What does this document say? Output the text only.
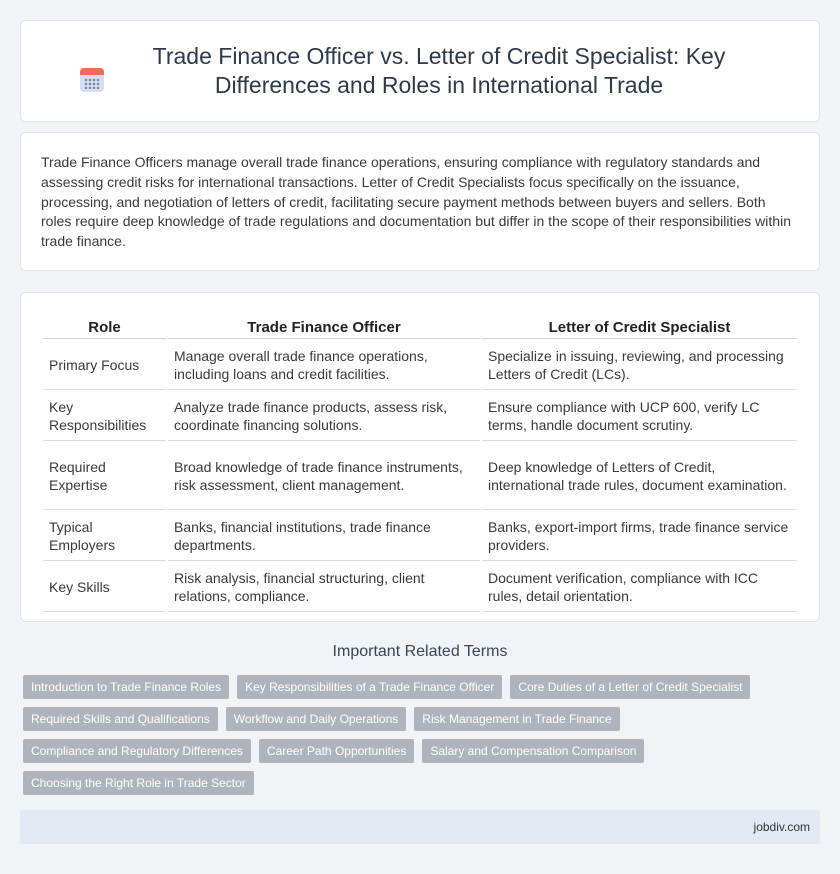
Trade Finance Officer vs. Letter of Credit Specialist: Key Differences and Roles in International Trade

Trade Finance Officers manage overall trade finance operations, ensuring compliance with regulatory standards and assessing credit risks for international transactions. Letter of Credit Specialists focus specifically on the issuance, processing, and negotiation of letters of credit, facilitating secure payment methods between buyers and sellers. Both roles require deep knowledge of trade regulations and documentation but differ in the scope of their responsibilities within trade finance.

Role	Trade Finance Officer	Letter of Credit Specialist
Primary Focus	Manage overall trade finance operations, including loans and credit facilities.	Specialize in issuing, reviewing, and processing Letters of Credit (LCs).
Key Responsibilities	Analyze trade finance products, assess risk, coordinate financing solutions.	Ensure compliance with UCP 600, verify LC terms, handle document scrutiny.
Required Expertise	Broad knowledge of trade finance instruments, risk assessment, client management.	Deep knowledge of Letters of Credit, international trade rules, document examination.
Typical Employers	Banks, financial institutions, trade finance departments.	Banks, export-import firms, trade finance service providers.
Key Skills	Risk analysis, financial structuring, client relations, compliance.	Document verification, compliance with ICC rules, detail orientation.
Important Related Terms
Introduction to Trade Finance Roles	Key Responsibilities of a Trade Finance Officer	Core Duties of a Letter of Credit Specialist
Required Skills and Qualifications	Workflow and Daily Operations	Risk Management in Trade Finance
Compliance and Regulatory Differences	Career Path Opportunities	Salary and Compensation Comparison
Choosing the Right Role in Trade Sector
jobdiv.com
